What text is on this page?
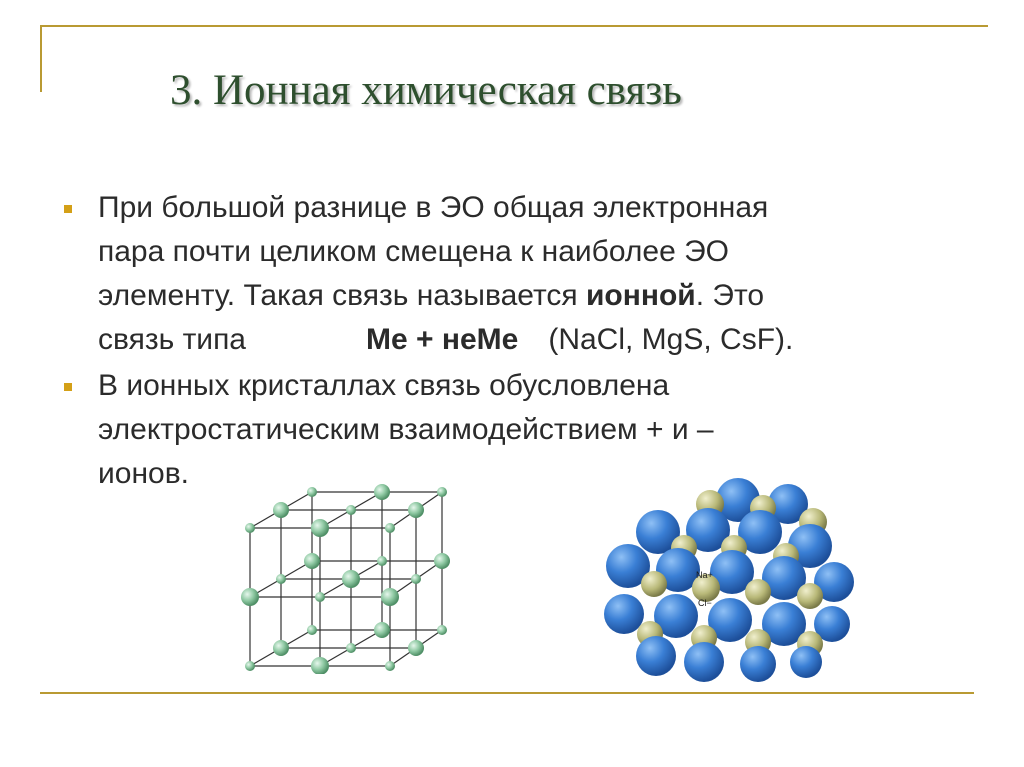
3. Ионная химическая связь
При большой разнице в ЭО общая электронная
пара почти целиком смещена к наиболее ЭО
элементу. Такая связь называется ионной. Это
связь типа	Ме + неМе (NaCl, MgS, CsF).
В ионных кристаллах связь обусловлена
электростатическим взаимодействием + и –
ионов.
Na+
Cl−
